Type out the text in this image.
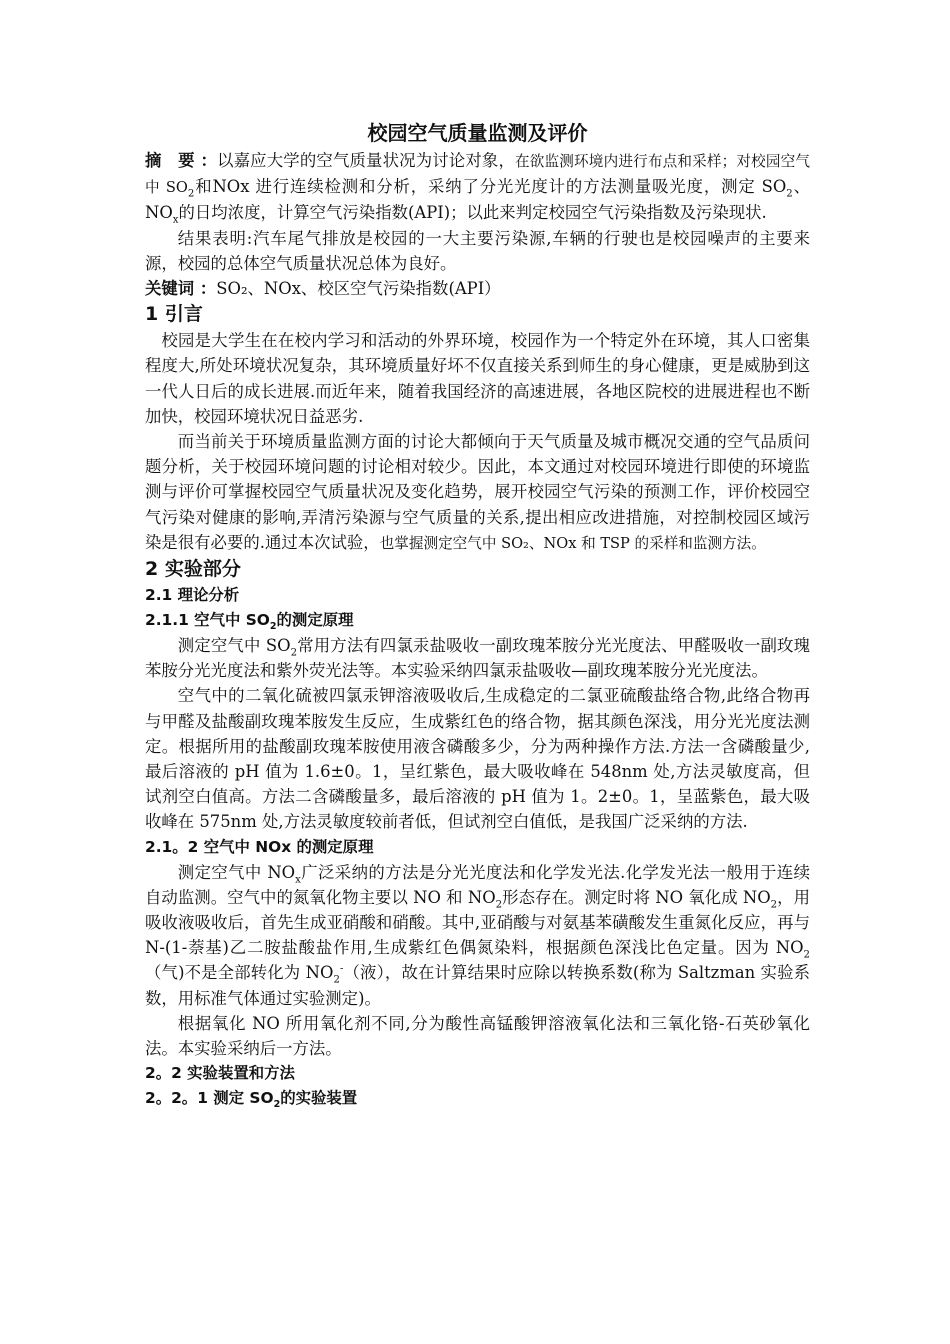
校园空气质量监测及评价

摘　要 ：以嘉应大学的空气质量状况为讨论对象，在欲监测环境内进行布点和采样；对校园空气中 $SO_2$和NOx 进行连续检测和分析，采纳了分光光度计的方法测量吸光度，测定 $SO_2$、$NO_x$的日均浓度，计算空气污染指数(API)；以此来判定校园空气污染指数及污染现状.

结果表明:汽车尾气排放是校园的一大主要污染源,车辆的行驶也是校园噪声的主要来源，校园的总体空气质量状况总体为良好。

关键词 ：SO₂、NOx、校区空气污染指数(API）

1 引言

校园是大学生在在校内学习和活动的外界环境，校园作为一个特定外在环境，其人口密集程度大,所处环境状况复杂，其环境质量好坏不仅直接关系到师生的身心健康，更是威胁到这一代人日后的成长进展.而近年来，随着我国经济的高速进展，各地区院校的进展进程也不断加快，校园环境状况日益恶劣.

而当前关于环境质量监测方面的讨论大都倾向于天气质量及城市概况交通的空气品质问题分析，关于校园环境问题的讨论相对较少。因此，本文通过对校园环境进行即使的环境监测与评价可掌握校园空气质量状况及变化趋势，展开校园空气污染的预测工作，评价校园空气污染对健康的影响,弄清污染源与空气质量的关系,提出相应改进措施，对控制校园区域污染是很有必要的.通过本次试验，也掌握测定空气中 SO₂、NOx 和 TSP 的采样和监测方法。

2 实验部分
2.1 理论分析
2.1.1 空气中 $SO_2$的测定原理

测定空气中 $SO_2$常用方法有四氯汞盐吸收一副玫瑰苯胺分光光度法、甲醛吸收一副玫瑰苯胺分光光度法和紫外荧光法等。本实验采纳四氯汞盐吸收—副玫瑰苯胺分光光度法。

空气中的二氧化硫被四氯汞钾溶液吸收后,生成稳定的二氯亚硫酸盐络合物,此络合物再与甲醛及盐酸副玫瑰苯胺发生反应，生成紫红色的络合物，据其颜色深浅，用分光光度法测定。根据所用的盐酸副玫瑰苯胺使用液含磷酸多少，分为两种操作方法.方法一含磷酸量少,最后溶液的 pH 值为 1.6±0。1，呈红紫色，最大吸收峰在 548nm 处,方法灵敏度高，但试剂空白值高。方法二含磷酸量多，最后溶液的 pH 值为 1。2±0。1，呈蓝紫色，最大吸收峰在 575nm 处,方法灵敏度较前者低，但试剂空白值低，是我国广泛采纳的方法.

2.1。2 空气中 NOx 的测定原理

测定空气中 $NO_x$广泛采纳的方法是分光光度法和化学发光法.化学发光法一般用于连续自动监测。空气中的氮氧化物主要以 NO 和 $NO_2$形态存在。测定时将 NO 氧化成 $NO_2$，用吸收液吸收后，首先生成亚硝酸和硝酸。其中,亚硝酸与对氨基苯磺酸发生重氮化反应，再与 N-(1-萘基)乙二胺盐酸盐作用,生成紫红色偶氮染料，根据颜色深浅比色定量。因为 $NO_2$（气)不是全部转化为 $NO_2^-$（液），故在计算结果时应除以转换系数(称为 Saltzman 实验系数，用标准气体通过实验测定)。

根据氧化 NO 所用氧化剂不同,分为酸性高锰酸钾溶液氧化法和三氧化铬-石英砂氧化法。本实验采纳后一方法。

2。2 实验装置和方法
2。2。1 测定 $SO_2$的实验装置
